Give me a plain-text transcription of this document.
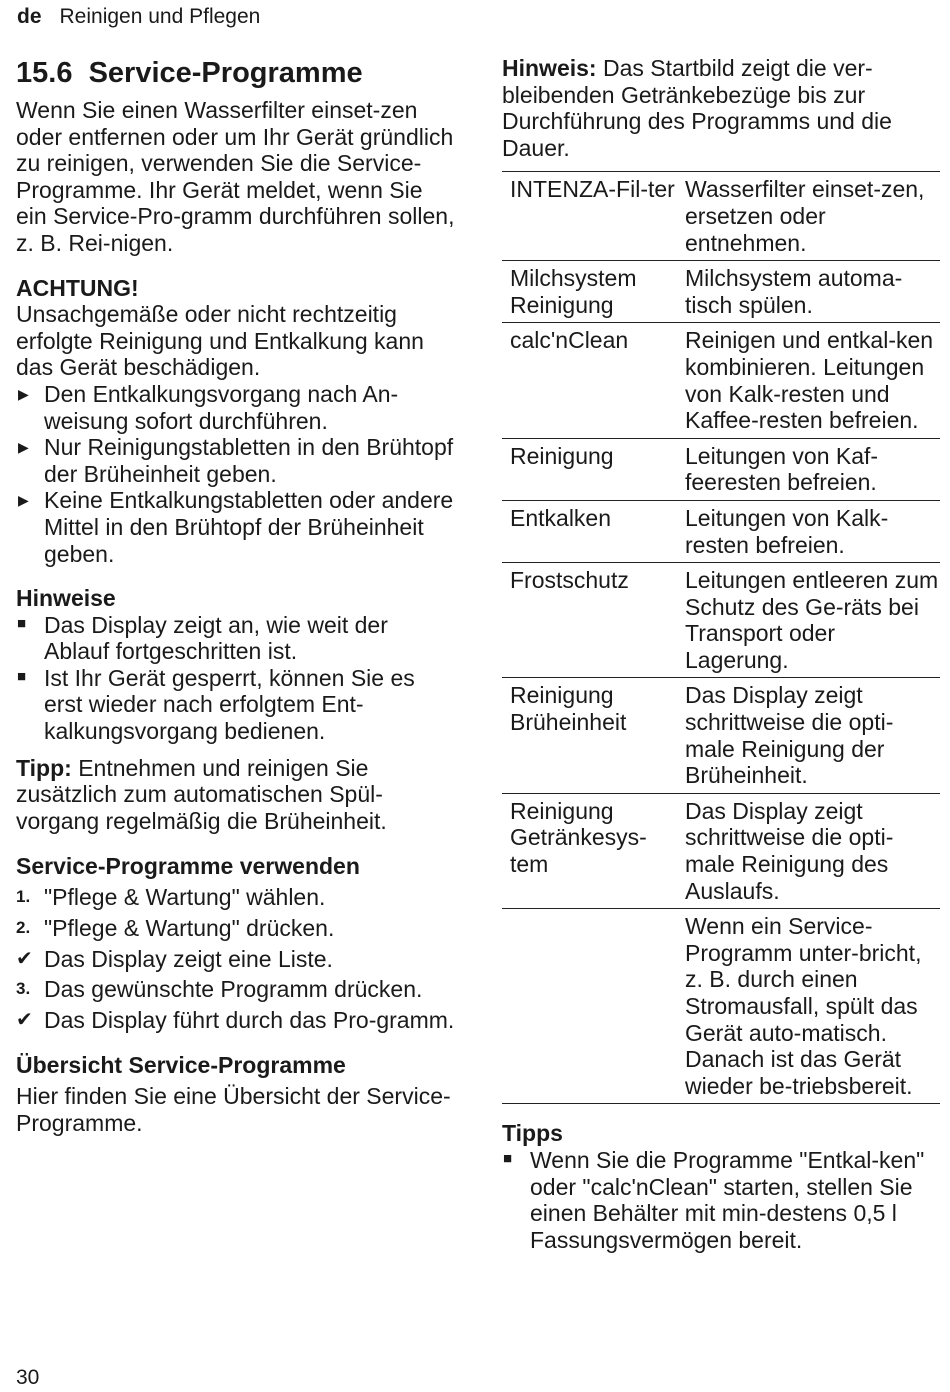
de Reinigen und Pflegen
15.6 Service-Programme

Wenn Sie einen Wasserfilter einset-zen oder entfernen oder um Ihr Gerät gründlich zu reinigen, verwenden Sie die Service-Programme. Ihr Gerät meldet, wenn Sie ein Service-Pro-gramm durchführen sollen, z. B. Rei-nigen.

ACHTUNG!

Unsachgemäße oder nicht rechtzeitig erfolgte Reinigung und Entkalkung kann das Gerät beschädigen.

▶ Den Entkalkungsvorgang nach An-weisung sofort durchführen.
▶ Nur Reinigungstabletten in den Brühtopf der Brüheinheit geben.
▶ Keine Entkalkungstabletten oder andere Mittel in den Brühtopf der Brüheinheit geben.
Hinweise
■ Das Display zeigt an, wie weit der Ablauf fortgeschritten ist.
■ Ist Ihr Gerät gesperrt, können Sie es erst wieder nach erfolgtem Ent-kalkungsvorgang bedienen.

Tipp: Entnehmen und reinigen Sie zusätzlich zum automatischen Spül-vorgang regelmäßig die Brüheinheit.

Service-Programme verwenden
1. "Pflege & Wartung" wählen.
2. "Pflege & Wartung" drücken.
✔ Das Display zeigt eine Liste.
3. Das gewünschte Programm drücken.
✔ Das Display führt durch das Pro-gramm.
Übersicht Service-Programme

Hier finden Sie eine Übersicht der Service-Programme.

Hinweis: Das Startbild zeigt die ver-bleibenden Getränkebezüge bis zur Durchführung des Programms und die Dauer.

INTENZA-Fil-ter	Wasserfilter einset-zen, ersetzen oder entnehmen.
Milchsystem Reinigung	Milchsystem automa-tisch spülen.
calc'nClean	Reinigen und entkal-ken kombinieren. Leitungen von Kalk-resten und Kaffee-resten befreien.
Reinigung	Leitungen von Kaf-feeresten befreien.
Entkalken	Leitungen von Kalk-resten befreien.
Frostschutz	Leitungen entleeren zum Schutz des Ge-räts bei Transport oder Lagerung.
Reinigung Brüheinheit	Das Display zeigt schrittweise die opti-male Reinigung der Brüheinheit.
Reinigung Getränkesys-tem	Das Display zeigt schrittweise die opti-male Reinigung des Auslaufs.
	Wenn ein Service-Programm unter-bricht, z. B. durch einen Stromausfall, spült das Gerät auto-matisch. Danach ist das Gerät wieder be-triebsbereit.
Tipps
■ Wenn Sie die Programme "Entkal-ken" oder "calc'nClean" starten, stellen Sie einen Behälter mit min-destens 0,5 l Fassungsvermögen bereit.
30
